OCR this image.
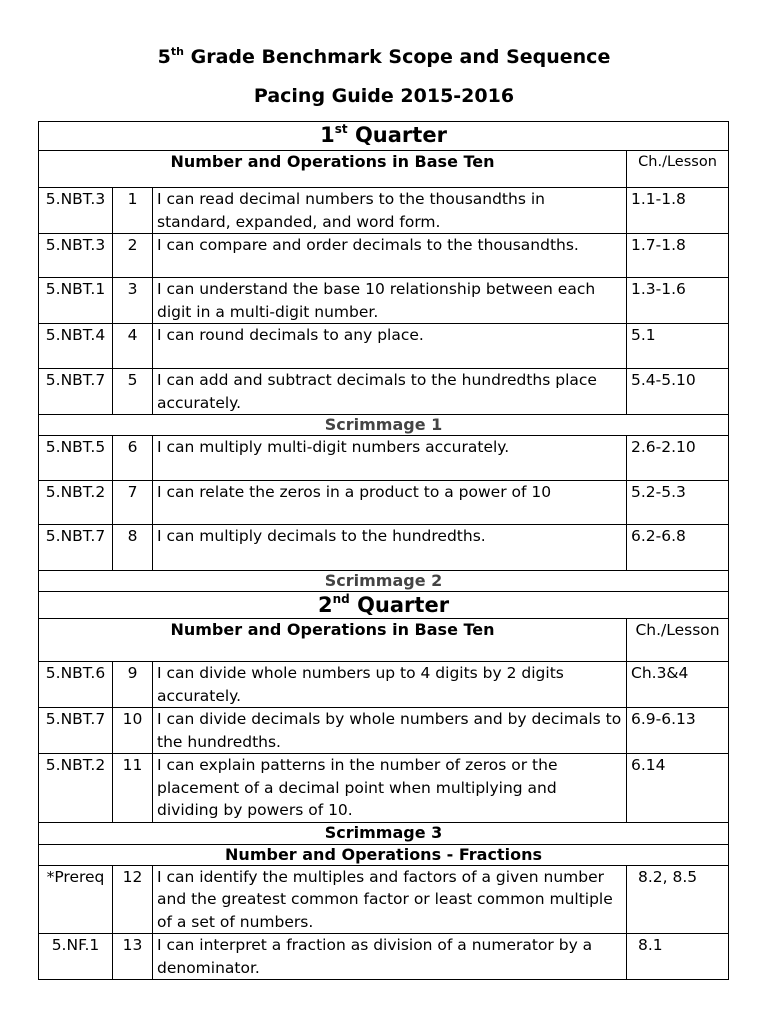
5th Grade Benchmark Scope and Sequence
Pacing Guide 2015-2016
1st Quarter			
Number and Operations in Base Ten			Ch./Lesson
5.NBT.3	1	I can read decimal numbers to the thousandths in standard, expanded, and word form.	1.1-1.8
5.NBT.3	2	I can compare and order decimals to the thousandths.	1.7-1.8
5.NBT.1	3	I can understand the base 10 relationship between each digit in a multi-digit number.	1.3-1.6
5.NBT.4	4	I can round decimals to any place.	5.1
5.NBT.7	5	I can add and subtract decimals to the hundredths place accurately.	5.4-5.10
Scrimmage 1			
5.NBT.5	6	I can multiply multi-digit numbers accurately.	2.6-2.10
5.NBT.2	7	I can relate the zeros in a product to a power of 10	5.2-5.3
5.NBT.7	8	I can multiply decimals to the hundredths.	6.2-6.8
Scrimmage 2			
2nd Quarter			
Number and Operations in Base Ten			Ch./Lesson
5.NBT.6	9	I can divide whole numbers up to 4 digits by 2 digits accurately.	Ch.3&4
5.NBT.7	10	I can divide decimals by whole numbers and by decimals to the hundredths.	6.9-6.13
5.NBT.2	11	I can explain patterns in the number of zeros or the placement of a decimal point when multiplying and dividing by powers of 10.	6.14
Scrimmage 3			
Number and Operations - Fractions			
*Prereq	12	I can identify the multiples and factors of a given number and the greatest common factor or least common multiple of a set of numbers.	8.2, 8.5
5.NF.1	13	I can interpret a fraction as division of a numerator by a denominator.	8.1
